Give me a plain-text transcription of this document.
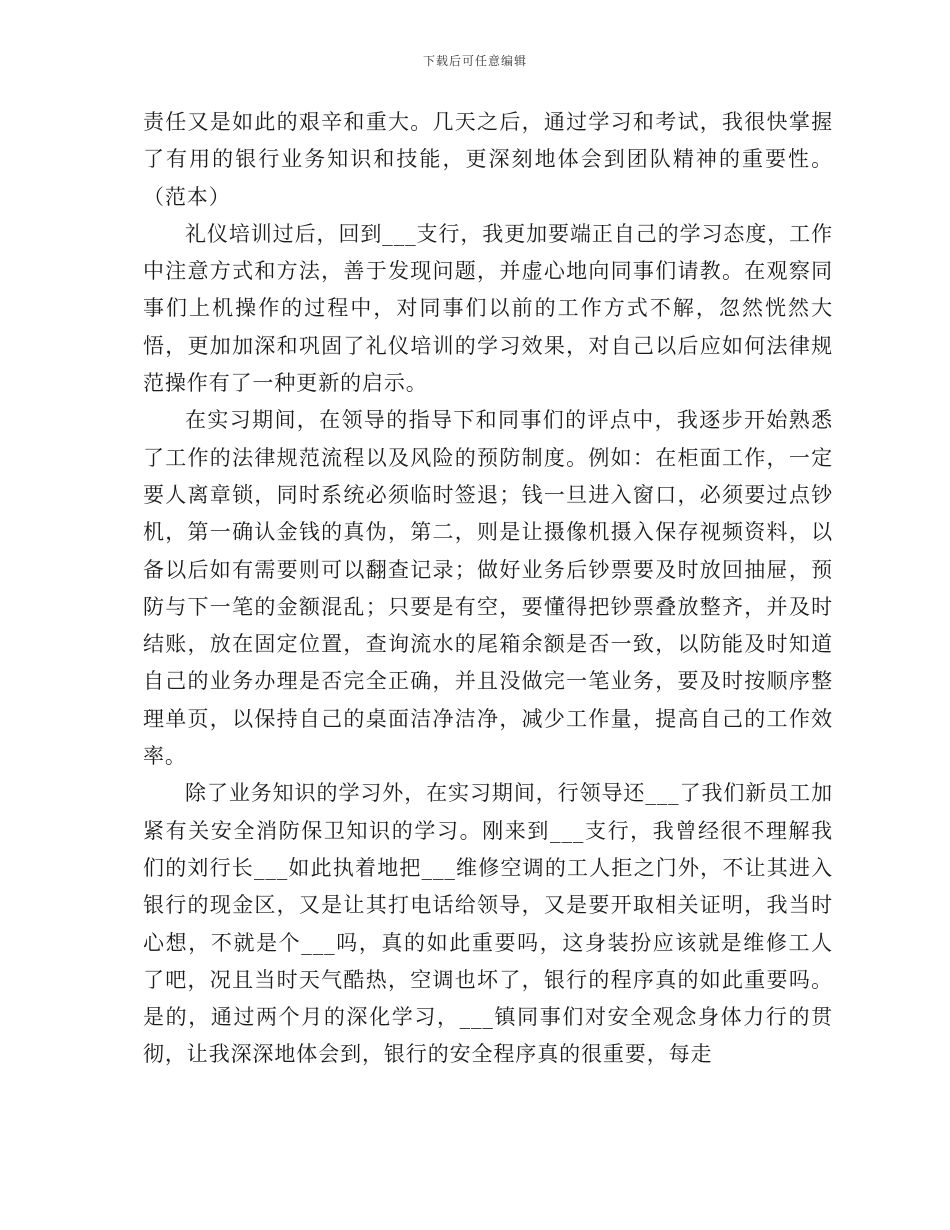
下载后可任意编辑

责任又是如此的艰辛和重大。几天之后，通过学习和考试，我很快掌握了有用的银行业务知识和技能，更深刻地体会到团队精神的重要性。（范本）

礼仪培训过后，回到___支行，我更加要端正自己的学习态度，工作中注意方式和方法，善于发现问题，并虚心地向同事们请教。在观察同事们上机操作的过程中，对同事们以前的工作方式不解，忽然恍然大悟，更加加深和巩固了礼仪培训的学习效果，对自己以后应如何法律规范操作有了一种更新的启示。

在实习期间，在领导的指导下和同事们的评点中，我逐步开始熟悉了工作的法律规范流程以及风险的预防制度。例如：在柜面工作，一定要人离章锁，同时系统必须临时签退；钱一旦进入窗口，必须要过点钞机，第一确认金钱的真伪，第二，则是让摄像机摄入保存视频资料，以备以后如有需要则可以翻查记录；做好业务后钞票要及时放回抽屉，预防与下一笔的金额混乱；只要是有空，要懂得把钞票叠放整齐，并及时结账，放在固定位置，查询流水的尾箱余额是否一致，以防能及时知道自己的业务办理是否完全正确，并且没做完一笔业务，要及时按顺序整理单页，以保持自己的桌面洁净洁净，减少工作量，提高自己的工作效率。

除了业务知识的学习外，在实习期间，行领导还___了我们新员工加紧有关安全消防保卫知识的学习。刚来到___支行，我曾经很不理解我们的刘行长___如此执着地把___维修空调的工人拒之门外，不让其进入银行的现金区，又是让其打电话给领导，又是要开取相关证明，我当时心想，不就是个___吗，真的如此重要吗，这身装扮应该就是维修工人了吧，况且当时天气酷热，空调也坏了，银行的程序真的如此重要吗。是的，通过两个月的深化学习，___镇同事们对安全观念身体力行的贯彻，让我深深地体会到，银行的安全程序真的很重要，每走
